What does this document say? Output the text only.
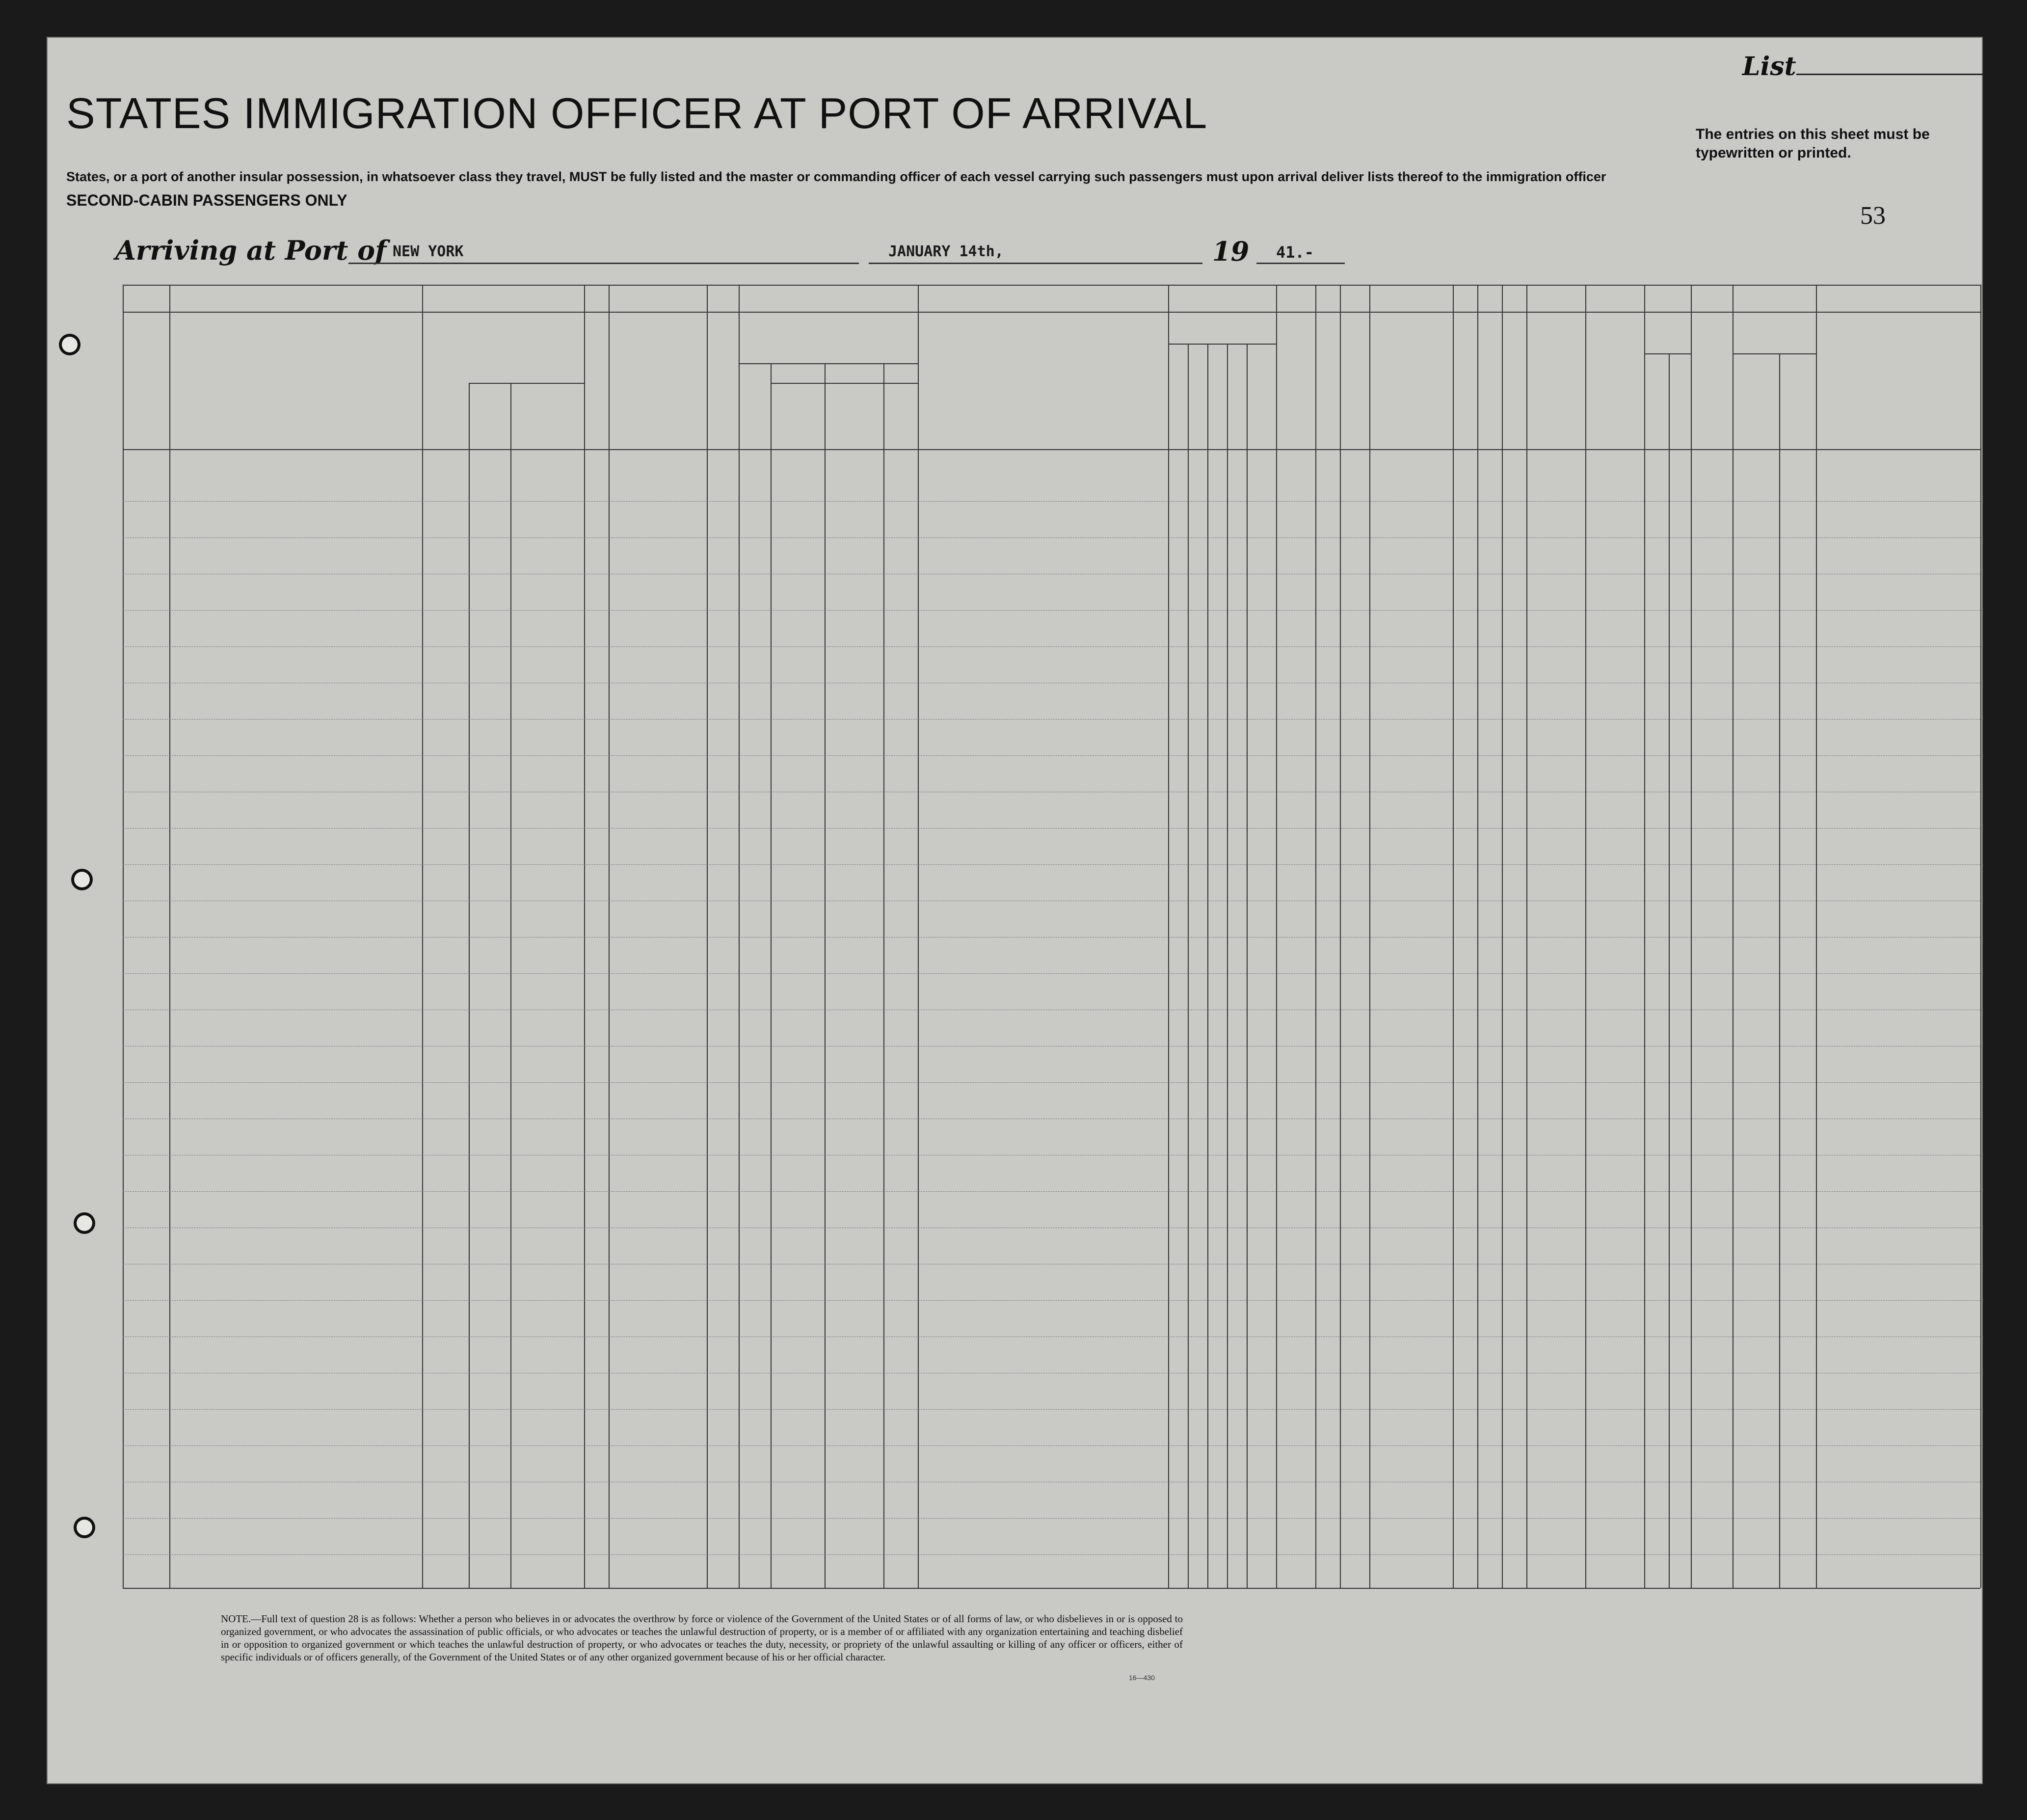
STATES IMMIGRATION OFFICER AT PORT OF ARRIVAL
List
The entries on this sheet must be typewritten or printed.
States, or a port of another insular possession, in whatsoever class they travel, MUST be fully listed and the master or commanding officer of each vessel carrying such passengers must upon arrival deliver lists thereof to the immigration officer
SECOND-CABIN PASSENGERS ONLY
53
Arriving at Port of NEW YORK	JANUARY 14th,	19 41.-
NOTE.—Full text of question 28 is as follows: Whether a person who believes in or advocates the overthrow by force or violence of the Government of the United States or of all forms of law, or who disbelieves in or is opposed to organized government, or who advocates the assassination of public officials, or who advocates or teaches the unlawful destruction of property, or is a member of or affiliated with any organization entertaining and teaching disbelief in or opposition to organized government or which teaches the unlawful destruction of property, or who advocates or teaches the duty, necessity, or propriety of the unlawful assaulting or killing of any officer or officers, either of specific individuals or of officers generally, of the Government of the United States or of any other organized government because of his or her official character.
16—430
